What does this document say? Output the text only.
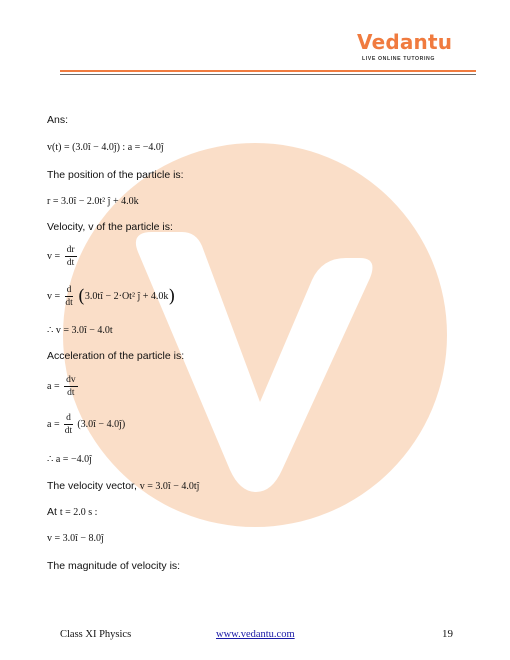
Vedantu
LIVE ONLINE TUTORING
Ans:
v(t) = (3.0î − 4.0ĵ) : a = −4.0ĵ
The position of the particle is:
r = 3.0î − 2.0t² ĵ + 4.0k
Velocity, v of the particle is:
$v = \frac{dr}{dt}$
$v = \frac{d}{dt}$ (3.0tî − 2·Ot² ĵ + 4.0k)
∴ v = 3.0î − 4.0t
Acceleration of the particle is:
$a = \frac{dv}{dt}$
$a = \frac{d}{dt}$ (3.0î − 4.0ĵ)
∴ a = −4.0ĵ
The velocity vector, v = 3.0î − 4.0tĵ
At t = 2.0 s :
v = 3.0î − 8.0ĵ
The magnitude of velocity is:
Class XI Physics	www.vedantu.com	19
